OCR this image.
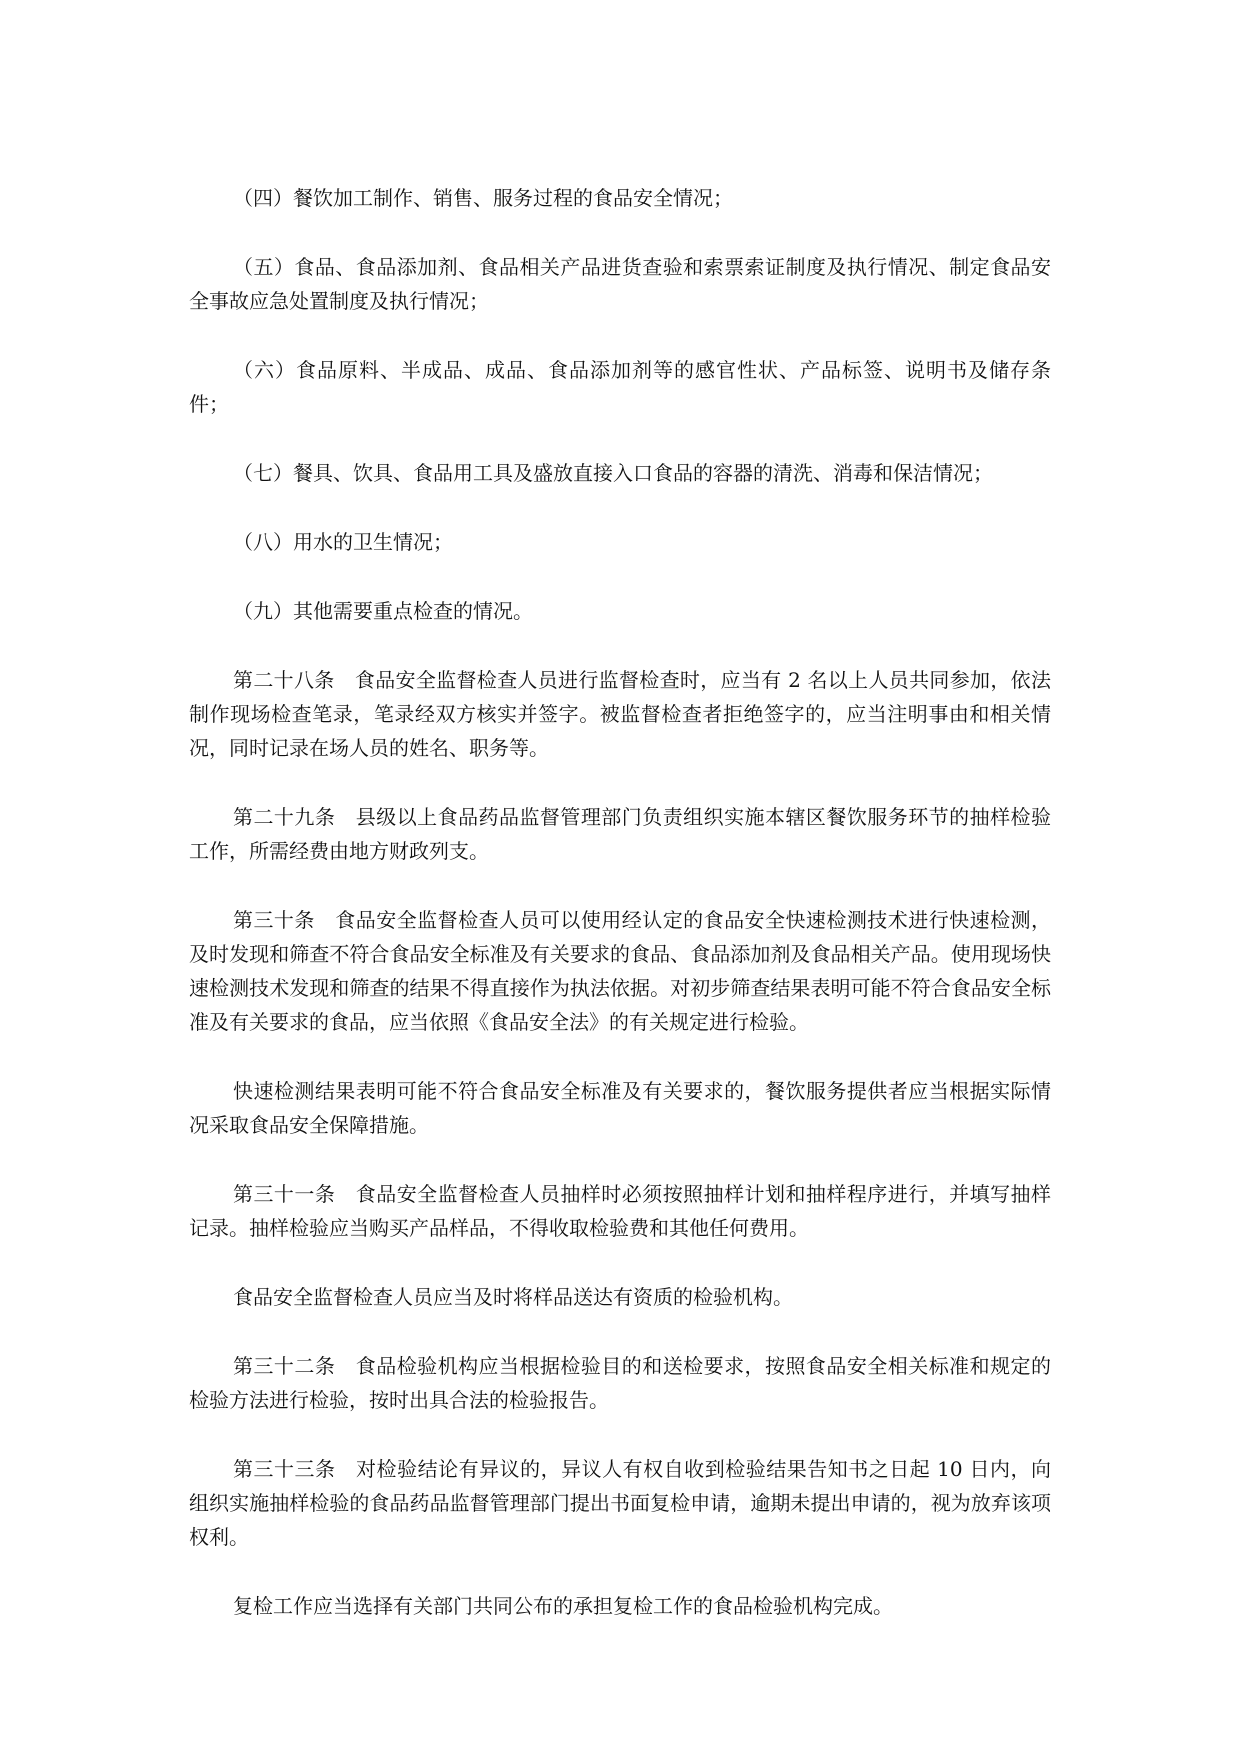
（四）餐饮加工制作、销售、服务过程的食品安全情况；

（五）食品、食品添加剂、食品相关产品进货查验和索票索证制度及执行情况、制定食品安全事故应急处置制度及执行情况；

（六）食品原料、半成品、成品、食品添加剂等的感官性状、产品标签、说明书及储存条件；

（七）餐具、饮具、食品用工具及盛放直接入口食品的容器的清洗、消毒和保洁情况；

（八）用水的卫生情况；

（九）其他需要重点检查的情况。

第二十八条　食品安全监督检查人员进行监督检查时，应当有 2 名以上人员共同参加，依法制作现场检查笔录，笔录经双方核实并签字。被监督检查者拒绝签字的，应当注明事由和相关情况，同时记录在场人员的姓名、职务等。

第二十九条　县级以上食品药品监督管理部门负责组织实施本辖区餐饮服务环节的抽样检验工作，所需经费由地方财政列支。

第三十条　食品安全监督检查人员可以使用经认定的食品安全快速检测技术进行快速检测，及时发现和筛查不符合食品安全标准及有关要求的食品、食品添加剂及食品相关产品。使用现场快速检测技术发现和筛查的结果不得直接作为执法依据。对初步筛查结果表明可能不符合食品安全标准及有关要求的食品，应当依照《食品安全法》的有关规定进行检验。

快速检测结果表明可能不符合食品安全标准及有关要求的，餐饮服务提供者应当根据实际情况采取食品安全保障措施。

第三十一条　食品安全监督检查人员抽样时必须按照抽样计划和抽样程序进行，并填写抽样记录。抽样检验应当购买产品样品，不得收取检验费和其他任何费用。

食品安全监督检查人员应当及时将样品送达有资质的检验机构。

第三十二条　食品检验机构应当根据检验目的和送检要求，按照食品安全相关标准和规定的检验方法进行检验，按时出具合法的检验报告。

第三十三条　对检验结论有异议的，异议人有权自收到检验结果告知书之日起 10 日内，向组织实施抽样检验的食品药品监督管理部门提出书面复检申请，逾期未提出申请的，视为放弃该项权利。

复检工作应当选择有关部门共同公布的承担复检工作的食品检验机构完成。
